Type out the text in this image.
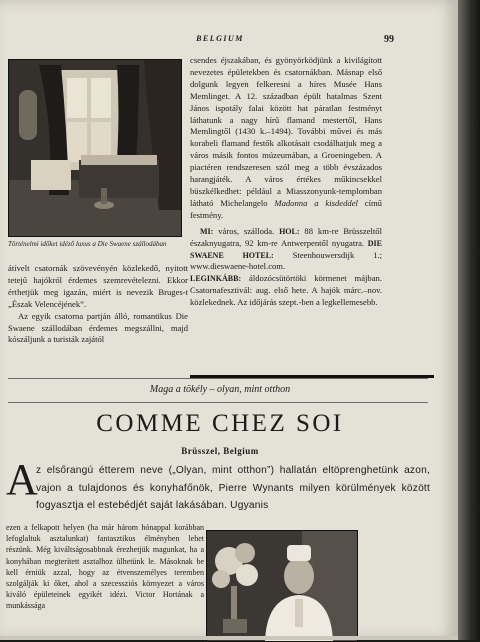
BELGIUM	99
Történelmi időket idéző luxus a Die Swaene szállodában

csendes éjszakában, és gyönyörködjünk a kivilágított nevezetes épületekben és csatornákban. Másnap első dolgunk legyen felkeresni a híres Musée Hans Memlinget. A 12. században épült hatalmas Szent János ispotály falai között hat páratlan festményt láthatunk a nagy hírű flamand mestertől, Hans Memlingtől (1430 k.–1494). További művei és más korabeli flamand festők alkotásait csodálhatjuk meg a város másik fontos múzeumában, a Groeningeben. A piactéren rendszeresen szól meg a több évszázados harangjáték. A város értékes műkincsekkel büszkélkedhet: például a Miasszonyunk-templomban látható Michelangelo Madonna a kisdeddel című festmény.

MI: város, szálloda. HOL: 88 km-re Brüsszeltől északnyugatra, 92 km-re Antwerpentől nyugatra. DIE SWAENE HOTEL: Steenhouwersdijk 1.; www.dieswaene-hotel.com.

LEGINKÁBB: áldozócsütörtöki körmenet májban. Csatornafesztivál: aug. első hete. A hajók márc.–nov. közlekednek. Az időjárás szept.-ben a legkellemesebb.

átívelt csatornák szövevényén közlekedő, nyitott tetejű hajókról érdemes szemrevételezni. Ekkor érthetjük meg igazán, miért is nevezik Bruges-t „Észak Velencéjének”.

Az egyik csatorna partján álló, romantikus Die Swaene szállodában érdemes megszállni, majd kószáljunk a turisták zajától

Maga a tökély – olyan, mint otthon
COMME CHEZ SOI
Brüsszel, Belgium
A
z elsőrangú étterem neve („Olyan, mint otthon”) hallatán eltöprenghetünk azon, vajon a tulajdonos és konyhafőnök, Pierre Wynants milyen körülmények között fogyasztja el estebédjét saját lakásában. Ugyanis
ezen a felkapott helyen (ha már három hónappal korábban lefoglaltuk asztalunkat) fantasztikus élményben lehet részünk. Még kiváltságosabbnak érezhetjük magunkat, ha a konyhában megterített asztalhoz ülhetünk le. Másoknak be kell érniük azzal, hogy az étvenszemélyes teremben szolgálják ki őket, ahol a szecessziós környezet a város kiváló épületeinek egyikét idézi. Victor Hortának a munkássága
